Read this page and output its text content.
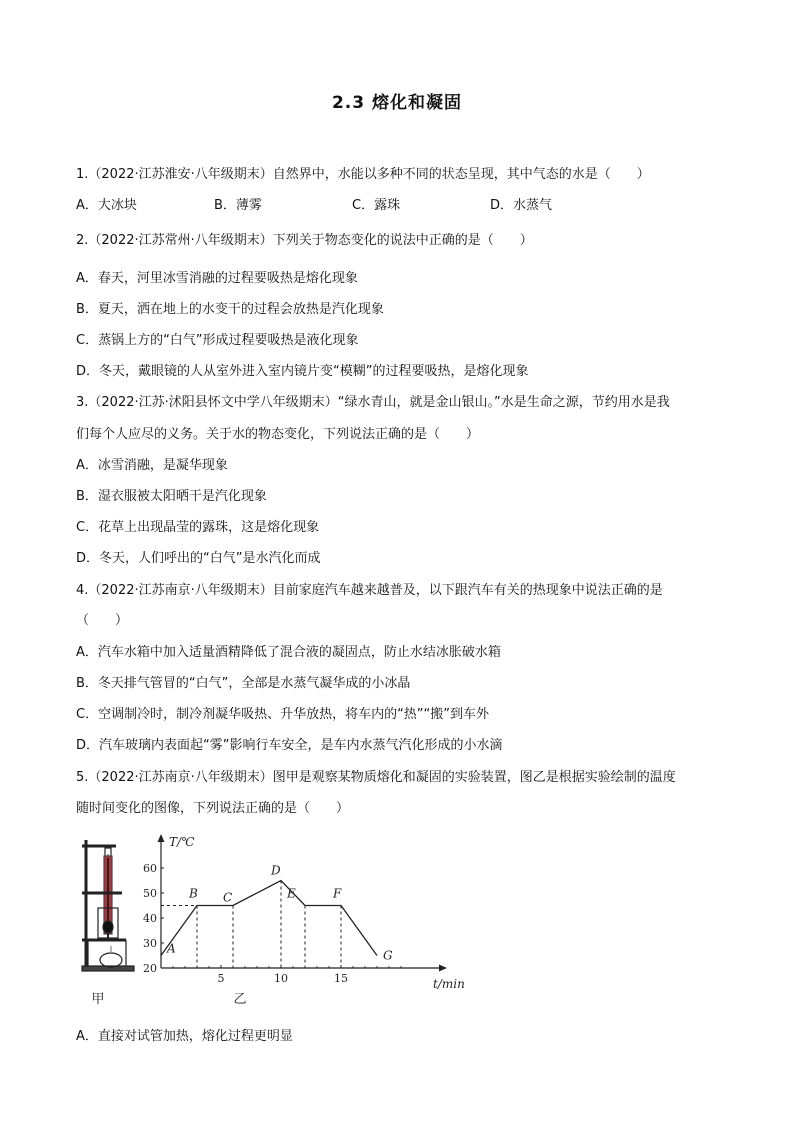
2.3 熔化和凝固
1.（2022·江苏淮安·八年级期末）自然界中，水能以多种不同的状态呈现，其中气态的水是（　　）
A．大冰块	B．薄雾	C．露珠	D．水蒸气
2.（2022·江苏常州·八年级期末）下列关于物态变化的说法中正确的是（　　）
A．春天，河里冰雪消融的过程要吸热是熔化现象
B．夏天，洒在地上的水变干的过程会放热是汽化现象
C．蒸锅上方的“白气”形成过程要吸热是液化现象
D．冬天，戴眼镜的人从室外进入室内镜片变“模糊”的过程要吸热，是熔化现象
3.（2022·江苏·沭阳县怀文中学八年级期末）“绿水青山，就是金山银山。”水是生命之源，节约用水是我
们每个人应尽的义务。关于水的物态变化，下列说法正确的是（　　）
A．冰雪消融，是凝华现象
B．湿衣服被太阳晒干是汽化现象
C．花草上出现晶莹的露珠，这是熔化现象
D．冬天，人们呼出的“白气”是水汽化而成
4.（2022·江苏南京·八年级期末）目前家庭汽车越来越普及，以下跟汽车有关的热现象中说法正确的是
（　　）
A．汽车水箱中加入适量酒精降低了混合液的凝固点，防止水结冰胀破水箱
B．冬天排气管冒的“白气”，全部是水蒸气凝华成的小冰晶
C．空调制冷时，制冷剂凝华吸热、升华放热，将车内的“热”“搬”到车外
D．汽车玻璃内表面起“雾”影响行车安全，是车内水蒸气汽化形成的小水滴
5.（2022·江苏南京·八年级期末）图甲是观察某物质熔化和凝固的实验装置，图乙是根据实验绘制的温度
随时间变化的图像，下列说法正确的是（　　）
甲
T/℃
t/min
20
30
40
50
60
5	10	15
A
B C
D
E	F
G
乙
A．直接对试管加热，熔化过程更明显
